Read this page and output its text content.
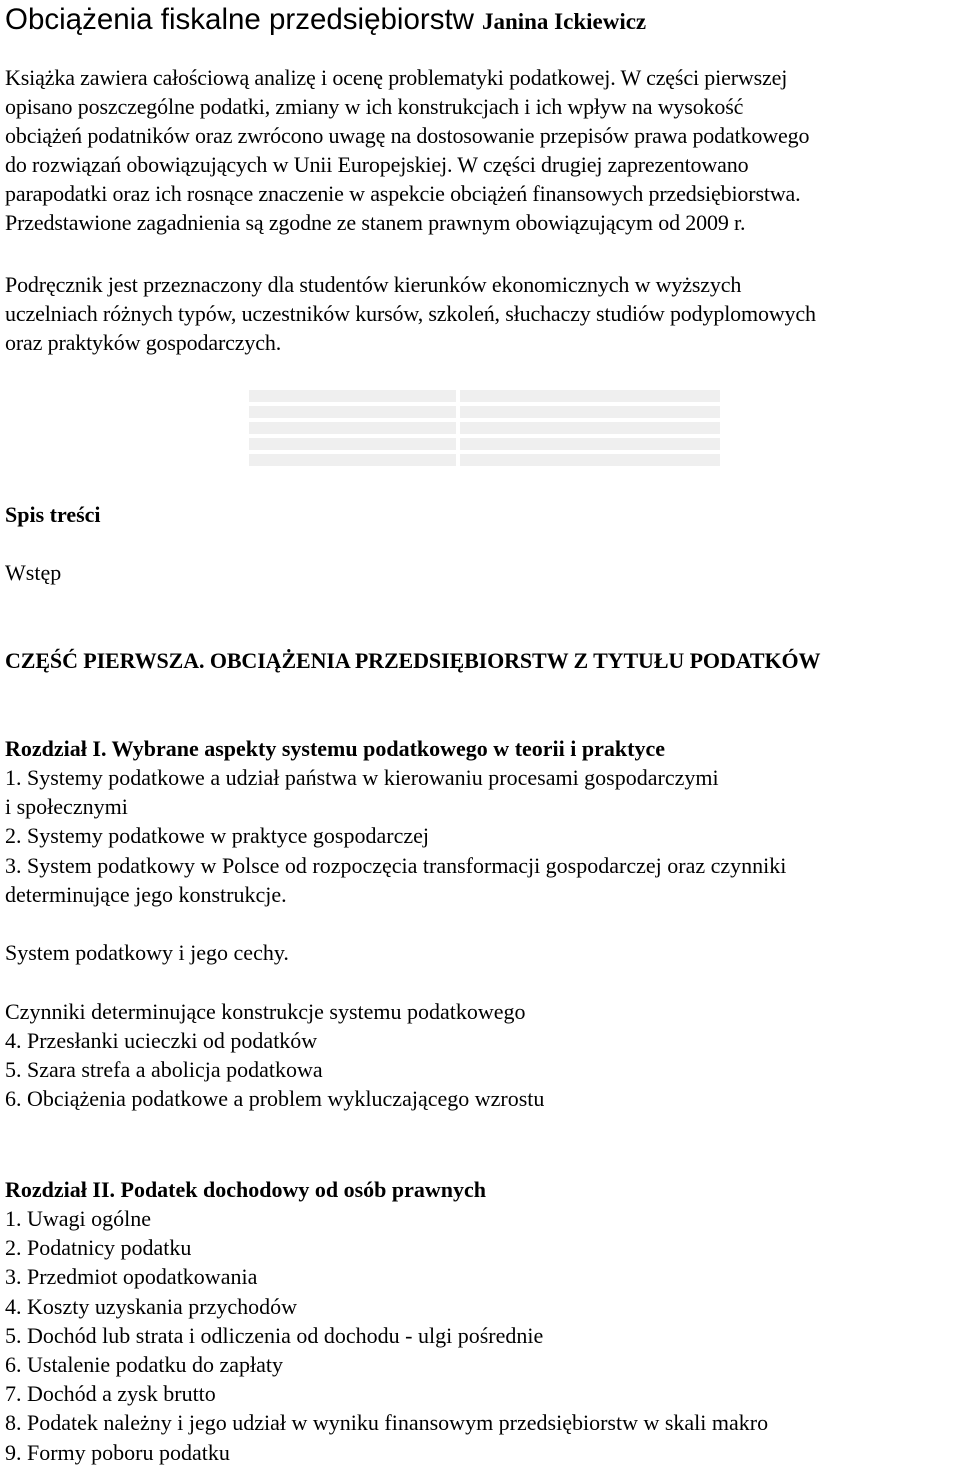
Obciążenia fiskalne przedsiębiorstw Janina Ickiewicz

Książka zawiera całościową analizę i ocenę problematyki podatkowej. W części pierwszej
opisano poszczególne podatki, zmiany w ich konstrukcjach i ich wpływ na wysokość
obciążeń podatników oraz zwrócono uwagę na dostosowanie przepisów prawa podatkowego
do rozwiązań obowiązujących w Unii Europejskiej. W części drugiej zaprezentowano
parapodatki oraz ich rosnące znaczenie w aspekcie obciążeń finansowych przedsiębiorstwa.
Przedstawione zagadnienia są zgodne ze stanem prawnym obowiązującym od 2009 r.

Podręcznik jest przeznaczony dla studentów kierunków ekonomicznych w wyższych
uczelniach różnych typów, uczestników kursów, szkoleń, słuchaczy studiów podyplomowych
oraz praktyków gospodarczych.

Spis treści

Wstęp

CZĘŚĆ PIERWSZA. OBCIĄŻENIA PRZEDSIĘBIORSTW Z TYTUŁU PODATKÓW
Rozdział I. Wybrane aspekty systemu podatkowego w teorii i praktyce
1. Systemy podatkowe a udział państwa w kierowaniu procesami gospodarczymi
i społecznymi
2. Systemy podatkowe w praktyce gospodarczej
3. System podatkowy w Polsce od rozpoczęcia transformacji gospodarczej oraz czynniki
determinujące jego konstrukcje.
System podatkowy i jego cechy.
Czynniki determinujące konstrukcje systemu podatkowego
4. Przesłanki ucieczki od podatków
5. Szara strefa a abolicja podatkowa
6. Obciążenia podatkowe a problem wykluczającego wzrostu
Rozdział II. Podatek dochodowy od osób prawnych
1. Uwagi ogólne
2. Podatnicy podatku
3. Przedmiot opodatkowania
4. Koszty uzyskania przychodów
5. Dochód lub strata i odliczenia od dochodu - ulgi pośrednie
6. Ustalenie podatku do zapłaty
7. Dochód a zysk brutto
8. Podatek należny i jego udział w wyniku finansowym przedsiębiorstw w skali makro
9. Formy poboru podatku
